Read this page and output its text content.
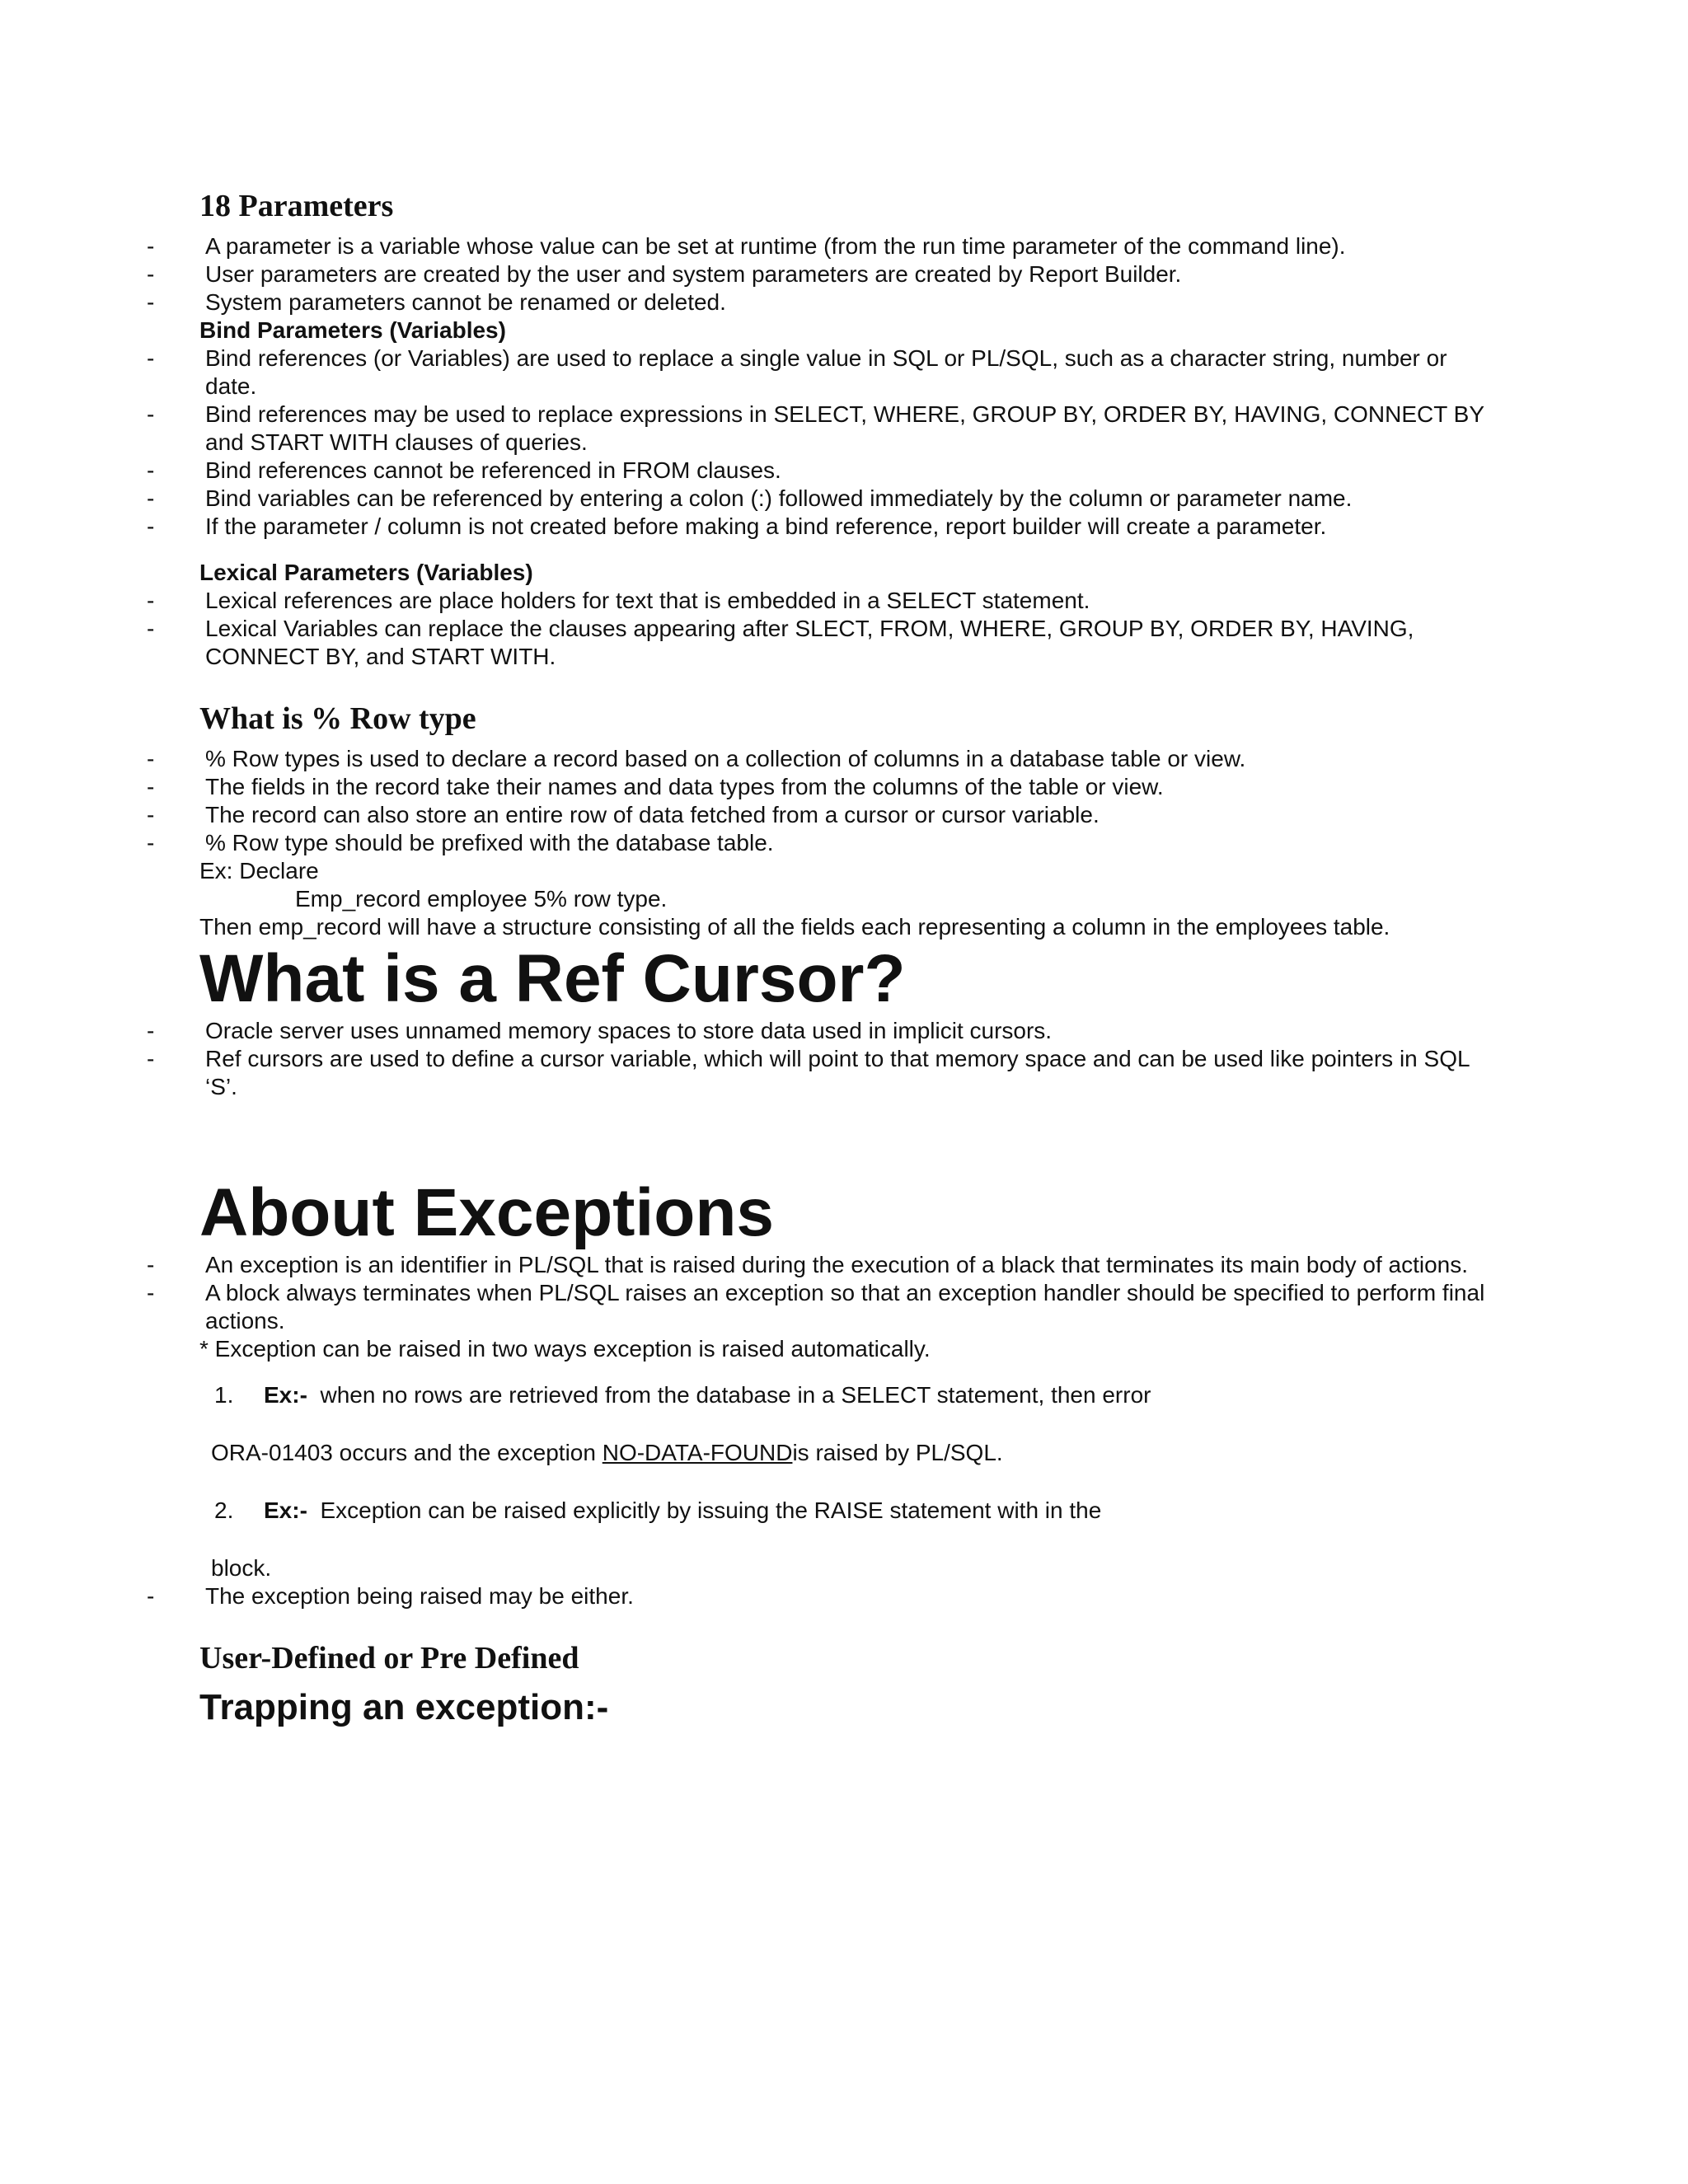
18 Parameters

- A parameter is a variable whose value can be set at runtime (from the run time parameter of the command line).

- User parameters are created by the user and system parameters are created by Report Builder.

- System parameters cannot be renamed or deleted.

Bind Parameters (Variables)

- Bind references (or Variables) are used to replace a single value in SQL or PL/SQL, such as a character string, number or date.

- Bind references may be used to replace expressions in SELECT, WHERE, GROUP BY, ORDER BY, HAVING, CONNECT BY and START WITH clauses of queries.

- Bind references cannot be referenced in FROM clauses.

- Bind variables can be referenced by entering a colon (:) followed immediately by the column or parameter name.

- If the parameter / column is not created before making a bind reference, report builder will create a parameter.

Lexical Parameters (Variables)

- Lexical references are place holders for text that is embedded in a SELECT statement.

- Lexical Variables can replace the clauses appearing after SLECT, FROM, WHERE, GROUP BY, ORDER BY, HAVING, CONNECT BY, and START WITH.

What is % Row type

- % Row types is used to declare a record based on a collection of columns in a database table or view.

- The fields in the record take their names and data types from the columns of the table or view.

- The record can also store an entire row of data fetched from a cursor or cursor variable.

- % Row type should be prefixed with the database table.

Ex: Declare

Emp_record employee 5% row type.

Then emp_record will have a structure consisting of all the fields each representing a column in the employees table.

What is a Ref Cursor?

- Oracle server uses unnamed memory spaces to store data used in implicit cursors.

- Ref cursors are used to define a cursor variable, which will point to that memory space and can be used like pointers in SQL ‘S’.

About Exceptions

- An exception is an identifier in PL/SQL that is raised during the execution of a black that terminates its main body of actions.

- A block always terminates when PL/SQL raises an exception so that an exception handler should be specified to perform final actions.

* Exception can be raised in two ways exception is raised automatically.

1. Ex:- when no rows are retrieved from the database in a SELECT statement, then error

ORA-01403 occurs and the exception NO-DATA-FOUNDis raised by PL/SQL.

2. Ex:- Exception can be raised explicitly by issuing the RAISE statement with in the

block.

- The exception being raised may be either.

User-Defined or Pre Defined
Trapping an exception:-
